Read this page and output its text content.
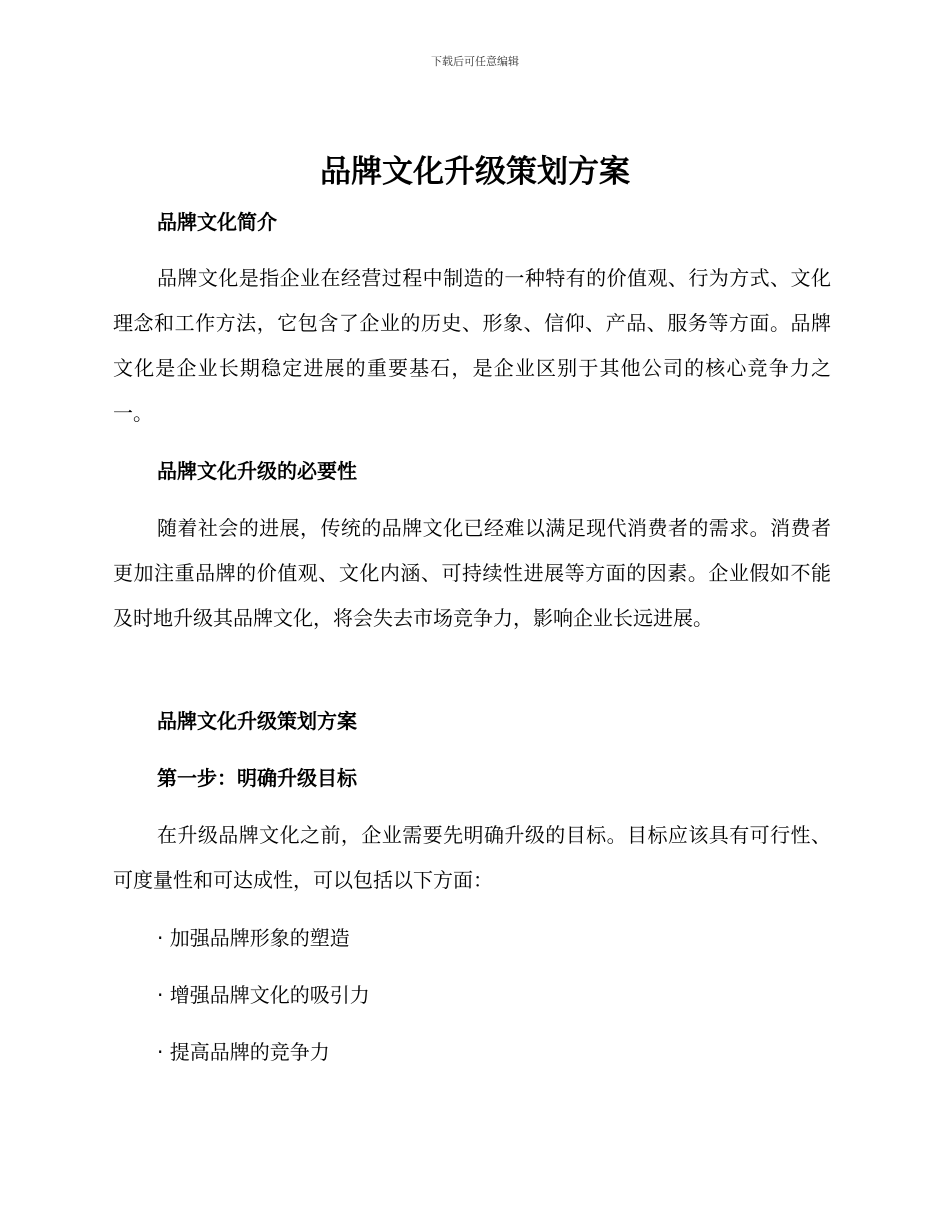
下载后可任意编辑
品牌文化升级策划方案
品牌文化简介

品牌文化是指企业在经营过程中制造的一种特有的价值观、行为方式、文化理念和工作方法，它包含了企业的历史、形象、信仰、产品、服务等方面。品牌文化是企业长期稳定进展的重要基石，是企业区别于其他公司的核心竞争力之一。

品牌文化升级的必要性

随着社会的进展，传统的品牌文化已经难以满足现代消费者的需求。消费者更加注重品牌的价值观、文化内涵、可持续性进展等方面的因素。企业假如不能及时地升级其品牌文化，将会失去市场竞争力，影响企业长远进展。

品牌文化升级策划方案
第一步：明确升级目标

在升级品牌文化之前，企业需要先明确升级的目标。目标应该具有可行性、可度量性和可达成性，可以包括以下方面：

· 加强品牌形象的塑造
· 增强品牌文化的吸引力
· 提高品牌的竞争力
